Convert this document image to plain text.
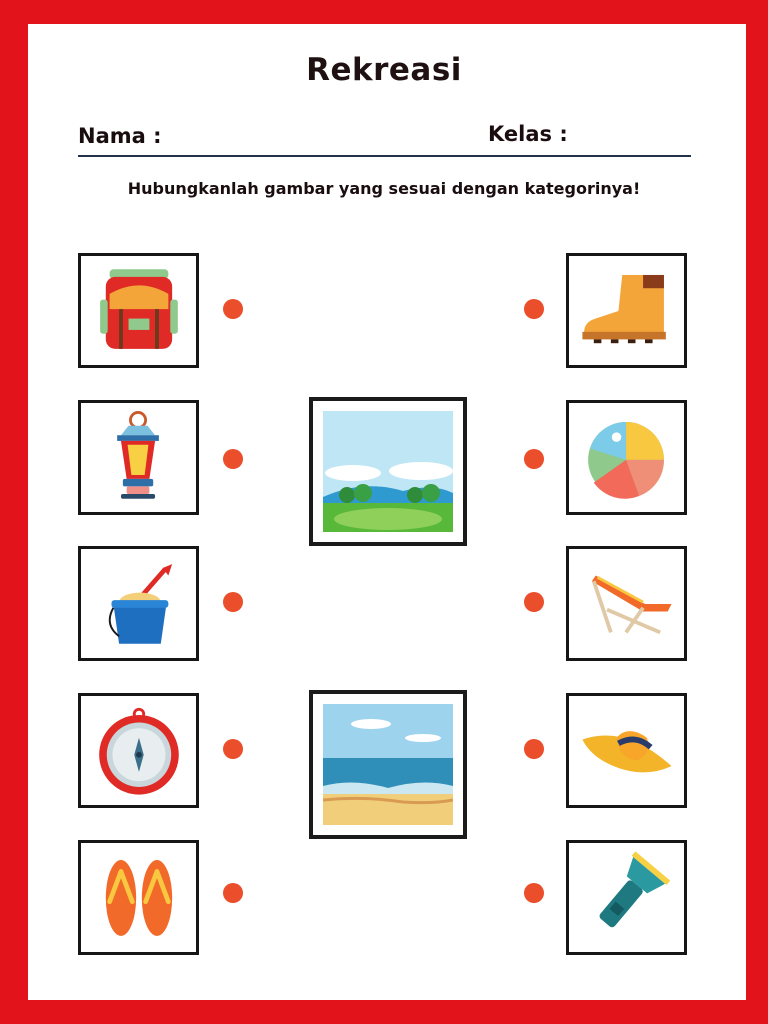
Rekreasi
Nama :	Kelas :
Hubungkanlah gambar yang sesuai dengan kategorinya!
